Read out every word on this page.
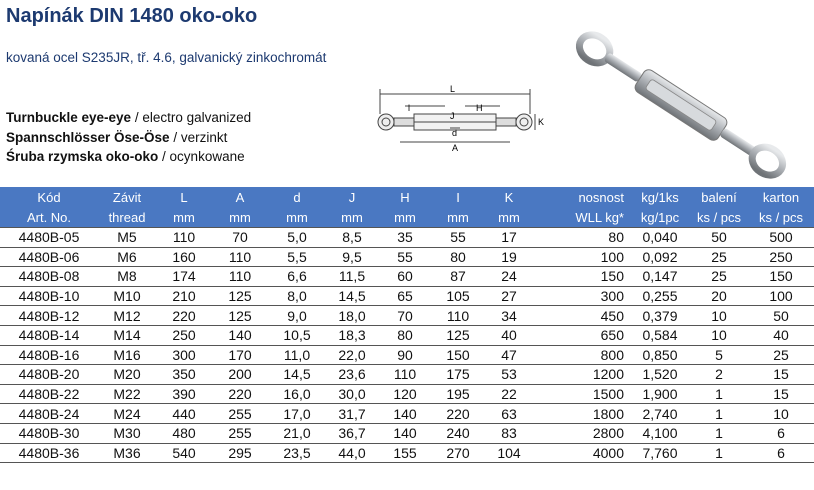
Napínák DIN 1480 oko-oko
kovaná ocel S235JR, tř. 4.6, galvanický zinkochromát
Turnbuckle eye-eye / electro galvanized
Spannschlösser Öse-Öse / verzinkt
Śruba rzymska oko-oko / ocynkowane
L
l	H
J
K
d
A
Kód	Závit	L	A	d	J	H	I	K	nosnost	kg/1ks	balení	karton
Art. No.	thread	mm	mm	mm	mm	mm	mm	mm	WLL kg*	kg/1pc	ks / pcs	ks / pcs
4480B-05	M5	110	70	5,0	8,5	35	55	17	80	0,040	50	500
4480B-06	M6	160	110	5,5	9,5	55	80	19	100	0,092	25	250
4480B-08	M8	174	110	6,6	11,5	60	87	24	150	0,147	25	150
4480B-10	M10	210	125	8,0	14,5	65	105	27	300	0,255	20	100
4480B-12	M12	220	125	9,0	18,0	70	110	34	450	0,379	10	50
4480B-14	M14	250	140	10,5	18,3	80	125	40	650	0,584	10	40
4480B-16	M16	300	170	11,0	22,0	90	150	47	800	0,850	5	25
4480B-20	M20	350	200	14,5	23,6	110	175	53	1200	1,520	2	15
4480B-22	M22	390	220	16,0	30,0	120	195	22	1500	1,900	1	15
4480B-24	M24	440	255	17,0	31,7	140	220	63	1800	2,740	1	10
4480B-30	M30	480	255	21,0	36,7	140	240	83	2800	4,100	1	6
4480B-36	M36	540	295	23,5	44,0	155	270	104	4000	7,760	1	6
